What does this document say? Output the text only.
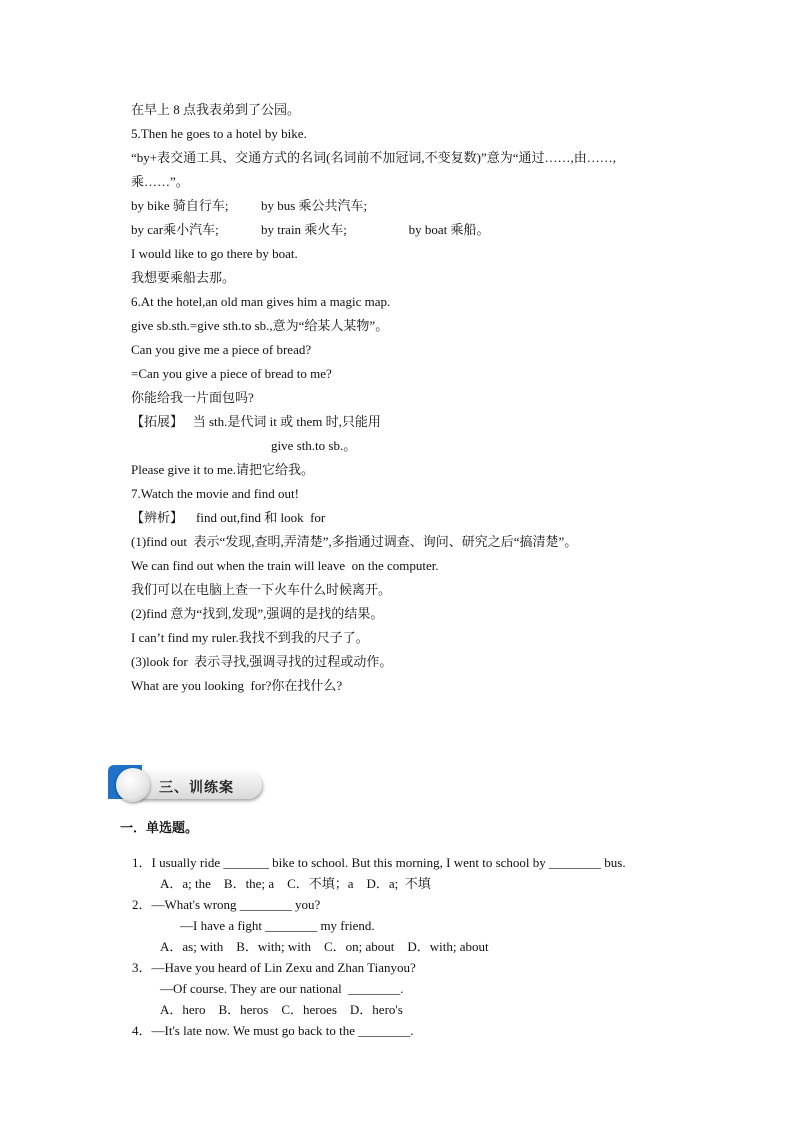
在早上 8 点我表弟到了公园。
5.Then he goes to a hotel by bike.
“by+表交通工具、交通方式的名词(名词前不加冠词,不变复数)”意为“通过……,由……,
乘……”。
by bike 骑自行车;          by bus 乘公共汽车;
by car乘小汽车;             by train 乘火车;                   by boat 乘船。
I would like to go there by boat.
我想要乘船去那。
6.At the hotel,an old man gives him a magic map.
give sb.sth.=give sth.to sb.,意为“给某人某物”。
Can you give me a piece of bread?
=Can you give a piece of bread to me?
你能给我一片面包吗?
【拓展】   当 sth.是代词 it 或 them 时,只能用
give sth.to sb.。
Please give it to me.请把它给我。
7.Watch the movie and find out!
【辨析】    find out,find 和 look  for
(1)find out  表示“发现,查明,弄清楚”,多指通过调查、询问、研究之后“搞清楚”。
We can find out when the train will leave  on the computer.
我们可以在电脑上查一下火车什么时候离开。
(2)find 意为“找到,发现”,强调的是找的结果。
I can’t find my ruler.我找不到我的尺子了。
(3)look for  表示寻找,强调寻找的过程或动作。
What are you looking  for?你在找什么?
三、训练案
一．单选题。
1．I usually ride _______ bike to school. But this morning, I went to school by ________ bus.
A．a; the    B．the; a    C．不填；a    D．a;  不填
2．—What's wrong ________ you?
—I have a fight ________ my friend.
A．as; with    B．with; with    C．on; about    D．with; about
3．—Have you heard of Lin Zexu and Zhan Tianyou?
—Of course. They are our national  ________.
A．hero    B．heros    C．heroes    D．hero's
4．—It's late now. We must go back to the ________.
